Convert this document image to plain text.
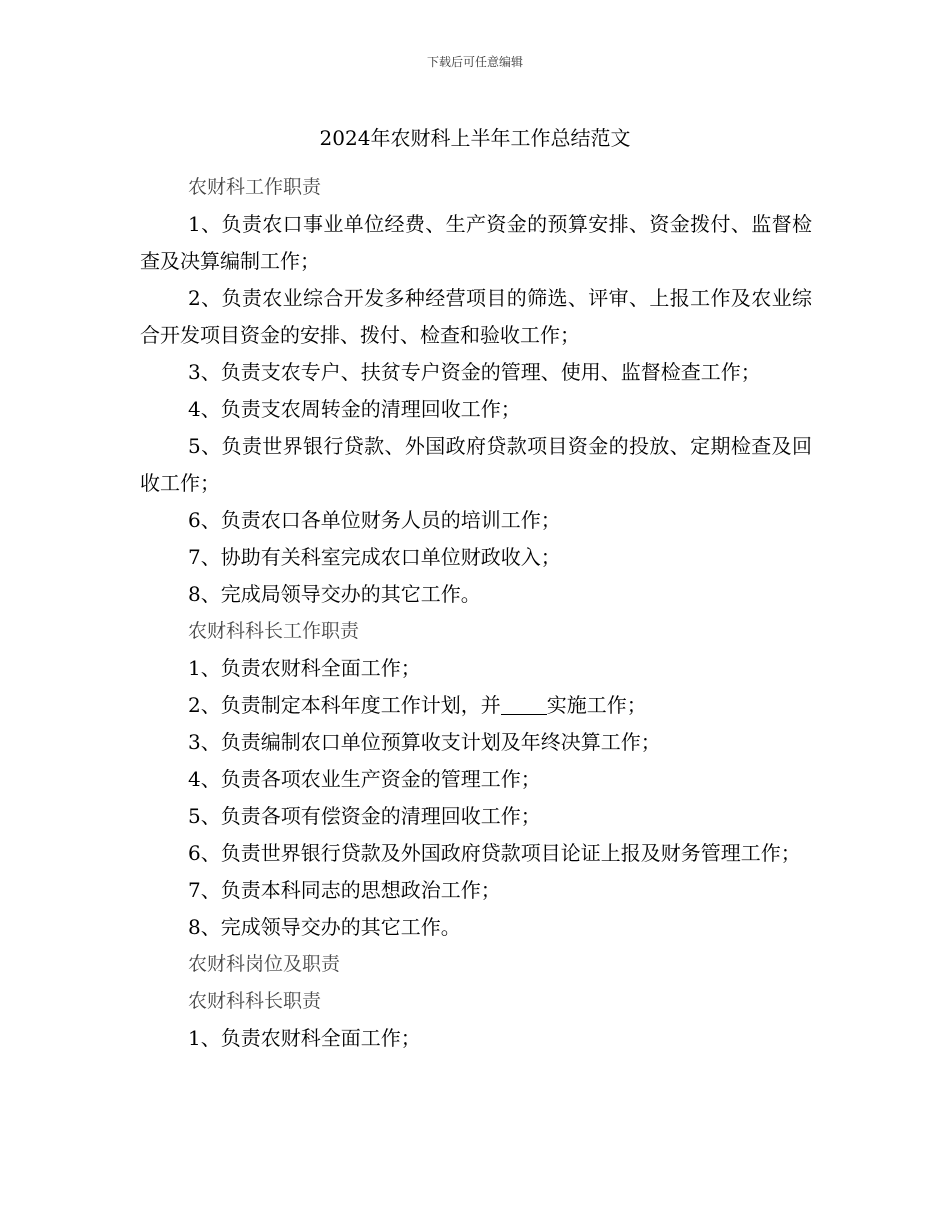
下载后可任意编辑
2024年农财科上半年工作总结范文
农财科工作职责
1、负责农口事业单位经费、生产资金的预算安排、资金拨付、监督检查及决算编制工作；
2、负责农业综合开发多种经营项目的筛选、评审、上报工作及农业综合开发项目资金的安排、拨付、检查和验收工作；
3、负责支农专户、扶贫专户资金的管理、使用、监督检查工作；
4、负责支农周转金的清理回收工作；
5、负责世界银行贷款、外国政府贷款项目资金的投放、定期检查及回收工作；
6、负责农口各单位财务人员的培训工作；
7、协助有关科室完成农口单位财政收入；
8、完成局领导交办的其它工作。
农财科科长工作职责
1、负责农财科全面工作；
2、负责制定本科年度工作计划，并 实施工作；
3、负责编制农口单位预算收支计划及年终决算工作；
4、负责各项农业生产资金的管理工作；
5、负责各项有偿资金的清理回收工作；
6、负责世界银行贷款及外国政府贷款项目论证上报及财务管理工作；
7、负责本科同志的思想政治工作；
8、完成领导交办的其它工作。
农财科岗位及职责
农财科科长职责
1、负责农财科全面工作；
